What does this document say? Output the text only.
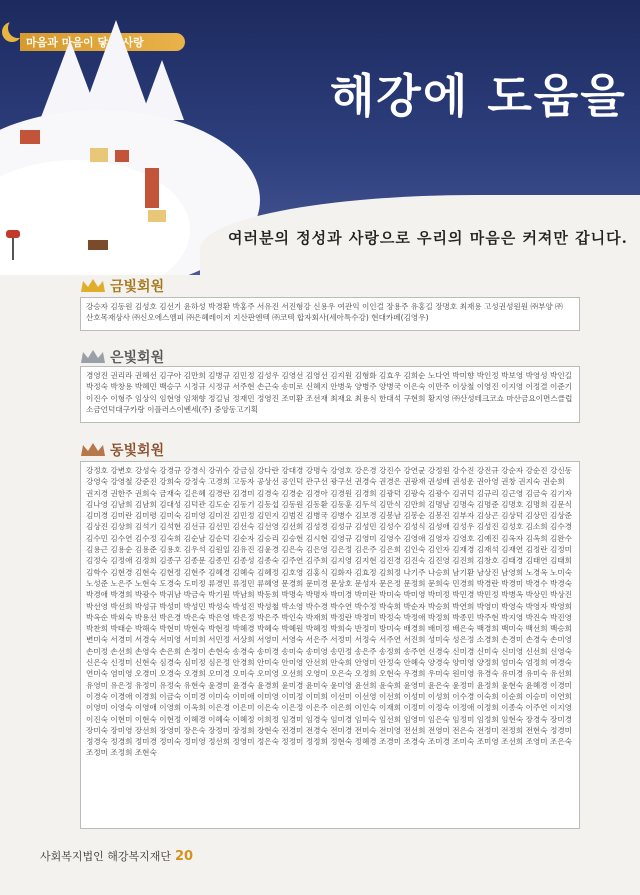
마음과 마음이 닿는 사랑
해강에 도움을
여러분의 정성과 사랑으로 우리의 마음은 커져만 갑니다.
금빛회원
강승자 김동원 김성호 김선기 윤하성 박경환 박홍주 서유진 서진형강 신용우 여관익 이인걸 장용주 유홍길 장명호 최재용 고성권성원원 ㈜부양 ㈜산호목재상사 ㈜신오에스엠피 ㈜은혜레이저 지산판엔텍 ㈜코텍 합자회사(세아특수강) 현대카페(김영우)
은빛회원
경영진 권리라 권혜선 김구아 김만희 김병규 김민정 김성우 김영선 김영선 김지원 김형화 김효우 김희순 노다연 박미향 박인정 박보영 박영성 박인길 박정숙 박창용 박혜민 백승구 시정규 시정규 서주현 손근숙 송미로 신혜지 안병욱 양병주 양병국 이은숙 이만주 이상철 이영진 이지영 이정결 이준기 이진수 이형주 임상익 임현영 임채향 정길님 정재민 정영진 조미환 조선재 최재요 최용식 한대석 구현희 황지영 ㈜산성테크코쇼 마산금요이면스클럽 소금언덕대구카랑 이플러스이벤세(주) 중앙동고기획
동빛회원
강정호 강변호 강성숙 강경규 강경식 강귀수 강금심 강다란 강대경 강명숙 강영호 강은경 강진수 강연균 강정원 강수진 강진규 강순자 강순진 강신동 강영숙 강영철 강준진 강희숙 강정숙 고경희 고동자 공상선 공인덕 관구선 광구선 권경숙 권경은 권광재 권성배 권성운 권아영 권창 권지숙 권순희 권지경 권한주 권희숙 금재숙 길은혜 김경란 김경미 김경숙 김경순 김경아 김경원 김경희 김광덕 김광숙 김광수 김귀덕 김규리 김근영 김금숙 김기자 김나영 김남희 김남희 김대성 김덕관 김도순 김동기 김동섭 김동원 김동환 김동훈 김두석 김만식 김만희 김명남 김명숙 김명준 김명호 김명희 김문식 김미경 김미란 김미령 김미숙 김미영 김미진 김민정 김민지 김범진 김병국 김병수 김보경 김봉남 김봉순 김봉진 김부자 김상곤 김상덕 김상민 김상준 김상진 김상희 김석기 김석현 김선규 김선민 김선숙 김선영 김선희 김성경 김성규 김성민 김성수 김성식 김성애 김성우 김성진 김성호 김소희 김수경 김수민 김수연 김수정 김숙희 김순남 김순덕 김순자 김승리 김승현 김시현 김영규 김영미 김영수 김영애 김영자 김영호 김예진 김옥자 김옥희 김완수 김용근 김용순 김용준 김용호 김우석 김원일 김유진 김윤경 김은숙 김은영 김은정 김은주 김은희 김인숙 김인자 김재경 김재석 김재연 김정란 김정미 김정숙 김정애 김정희 김종구 김종문 김종민 김종성 김종숙 김주연 김주희 김지영 김지현 김진경 김진숙 김진영 김진희 김창호 김태경 김태연 김태희 김학수 김현경 김현숙 김현정 김현주 김혜경 김혜숙 김혜정 김호영 김홍식 김화자 김효정 김희정 나기주 나승희 남기환 남상진 남영희 노경옥 노미숙 노성준 노은주 노현숙 도경숙 도미정 류경민 류정민 류혜영 문경희 문미경 문상호 문성자 문은정 문정희 문희숙 민경희 박경란 박경미 박경수 박경숙 박경애 박경희 박광수 박귀남 박금숙 박기원 박남희 박동희 박명숙 박명자 박미경 박미란 박미숙 박미영 박미정 박민경 박민정 박병옥 박상민 박상진 박선영 박선희 박성규 박성미 박성민 박성숙 박성진 박성철 박소영 박수경 박수연 박수정 박숙희 박순자 박승희 박연희 박영미 박영숙 박영자 박영희 박옥순 박외숙 박용선 박은경 박은숙 박은영 박은정 박은주 박인숙 박재희 박정란 박정미 박정숙 박정애 박정희 박종민 박주현 박지영 박진숙 박진영 박찬희 박태순 박해숙 박현미 박현숙 박현정 박혜경 박혜숙 박혜원 박혜정 박희숙 반정미 방미숙 배경희 배미정 배은숙 백경희 백미숙 백선희 백승희 변미숙 서경미 서경숙 서미영 서미희 서민정 서상희 서영미 서영숙 서은주 서정미 서정숙 서주연 서진희 성미숙 성은정 소경희 손경미 손경숙 손미영 손미정 손선희 손영숙 손은희 손정미 손현숙 송경숙 송미경 송미숙 송미영 송민정 송은주 송정희 송주연 신경숙 신미경 신미숙 신미영 신선희 신영숙 신은숙 신정미 신현숙 심경숙 심미정 심은정 안경희 안미숙 안미영 안선희 안숙희 안영미 안정숙 안혜숙 양경숙 양미영 양정희 엄미숙 엄정희 여경숙 연미숙 염미영 오경미 오경숙 오경희 오미경 오미숙 오미영 오선희 오영미 오은숙 오정희 오현숙 우경희 우미숙 원미영 유경숙 유미경 유미숙 유선희 유영미 유은정 유정미 유정숙 유현숙 윤경미 윤경숙 윤경희 윤미경 윤미숙 윤미영 윤선희 윤숙희 윤영미 윤은숙 윤정미 윤정희 윤현숙 윤혜경 이경미 이경숙 이경애 이경희 이금숙 이미경 이미숙 이미애 이미영 이미정 이미희 이선미 이선영 이선희 이성미 이성희 이수경 이숙희 이순희 이승미 이연희 이영미 이영숙 이영애 이영희 이옥희 이은경 이은미 이은숙 이은정 이은주 이은희 이인숙 이재희 이정미 이정숙 이정애 이정희 이종숙 이주연 이지영 이진숙 이현미 이현숙 이현정 이혜경 이혜숙 이혜정 이희정 임경미 임경숙 임미경 임미숙 임선희 임영미 임은숙 임정미 임정희 임현숙 장경숙 장미경 장미숙 장미영 장선희 장영미 장은숙 장정미 장정희 장현숙 전경미 전경숙 전미경 전미숙 전미영 전선희 전영미 전은숙 전정미 전정희 전현숙 정경미 정경숙 정경희 정미경 정미숙 정미영 정선희 정영미 정은숙 정정미 정정희 정현숙 정혜경 조경미 조경숙 조미경 조미숙 조미영 조선희 조영미 조은숙 조정미 조정희 조현숙
사회복지법인 해강복지재단 20
